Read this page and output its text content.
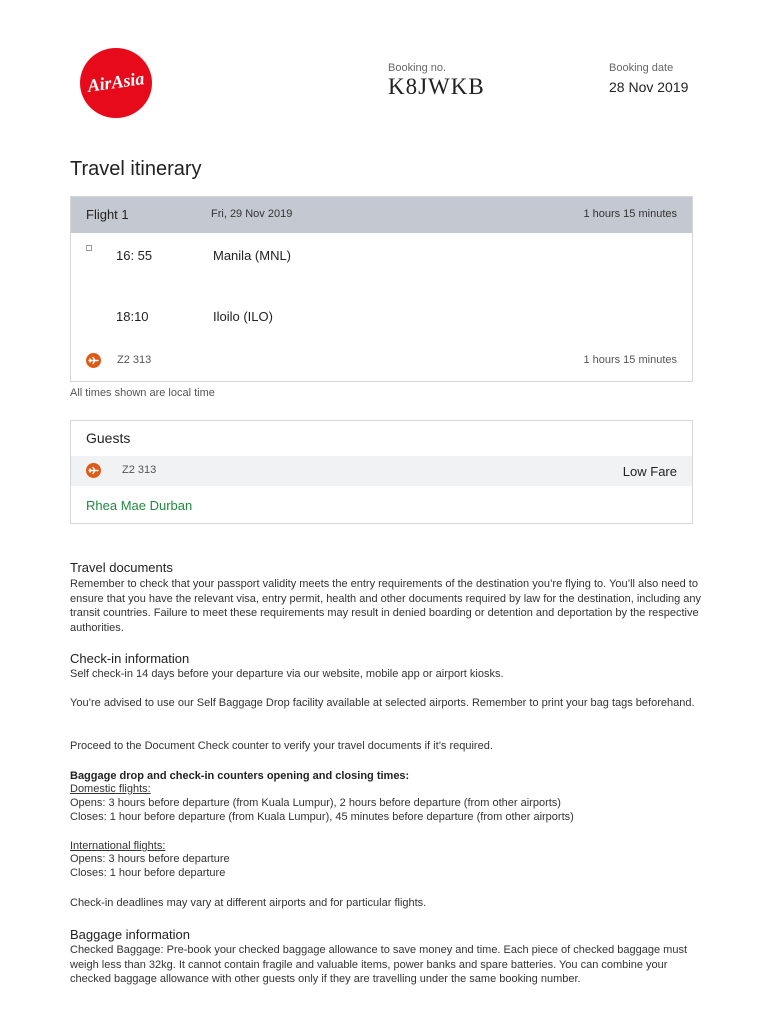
AirAsia
Booking no.
K8JWKB
Booking date
28 Nov 2019
Travel itinerary
Flight 1	Fri, 29 Nov 2019	1 hours 15 minutes
16: 55	Manila (MNL)
18:10	Iloilo (ILO)
Z2 313	1 hours 15 minutes
All times shown are local time
Guests
Z2 313	Low Fare
Rhea Mae Durban
Travel documents

Remember to check that your passport validity meets the entry requirements of the destination you’re flying to. You’ll also need to ensure that you have the relevant visa, entry permit, health and other documents required by law for the destination, including any transit countries. Failure to meet these requirements may result in denied boarding or detention and deportation by the respective authorities.

Check-in information
Self check-in 14 days before your departure via our website, mobile app or airport kiosks.

You’re advised to use our Self Baggage Drop facility available at selected airports. Remember to print your bag tags beforehand.

Proceed to the Document Check counter to verify your travel documents if it’s required.
Baggage drop and check-in counters opening and closing times:
Domestic flights:
Opens: 3 hours before departure (from Kuala Lumpur), 2 hours before departure (from other airports)
Closes: 1 hour before departure (from Kuala Lumpur), 45 minutes before departure (from other airports)
International flights:
Opens: 3 hours before departure
Closes: 1 hour before departure
Check-in deadlines may vary at different airports and for particular flights.
Baggage information

Checked Baggage: Pre-book your checked baggage allowance to save money and time. Each piece of checked baggage must weigh less than 32kg. It cannot contain fragile and valuable items, power banks and spare batteries. You can combine your checked baggage allowance with other guests only if they are travelling under the same booking number.
